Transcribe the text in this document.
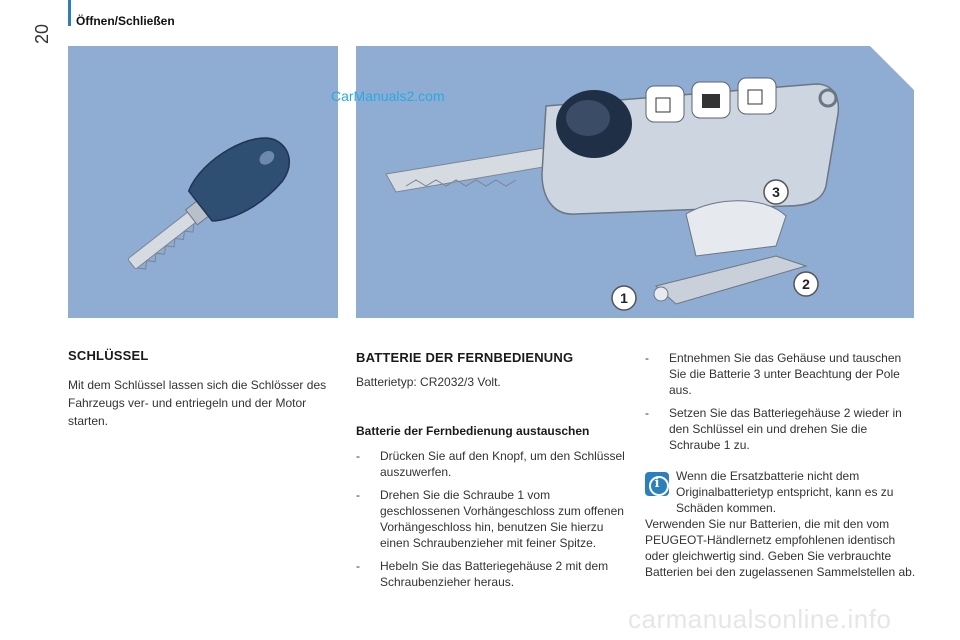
20
Öffnen/Schließen
3
2
1
CarManuals2.com
SCHLÜSSEL
Mit dem Schlüssel lassen sich die Schlösser des Fahrzeugs ver- und entriegeln und der Motor starten.
BATTERIE DER FERNBEDIENUNG
Batterietyp: CR2032/3 Volt.
Batterie der Fernbedienung austauschen
- Drücken Sie auf den Knopf, um den Schlüssel auszuwerfen.
- Drehen Sie die Schraube 1 vom geschlossenen Vorhängeschloss zum offenen Vorhängeschloss hin, benutzen Sie hierzu einen Schraubenzieher mit feiner Spitze.
- Hebeln Sie das Batteriegehäuse 2 mit dem Schraubenzieher heraus.
- Entnehmen Sie das Gehäuse und tauschen Sie die Batterie 3 unter Beachtung der Pole aus.
- Setzen Sie das Batteriegehäuse 2 wieder in den Schlüssel ein und drehen Sie die Schraube 1 zu.
i	Wenn die Ersatzbatterie nicht dem Originalbatterietyp entspricht, kann es zu Schäden kommen.
Verwenden Sie nur Batterien, die mit den vom PEUGEOT-Händlernetz empfohlenen identisch oder gleichwertig sind. Geben Sie verbrauchte Batterien bei den zugelassenen Sammelstellen ab.
carmanualsonline.info
